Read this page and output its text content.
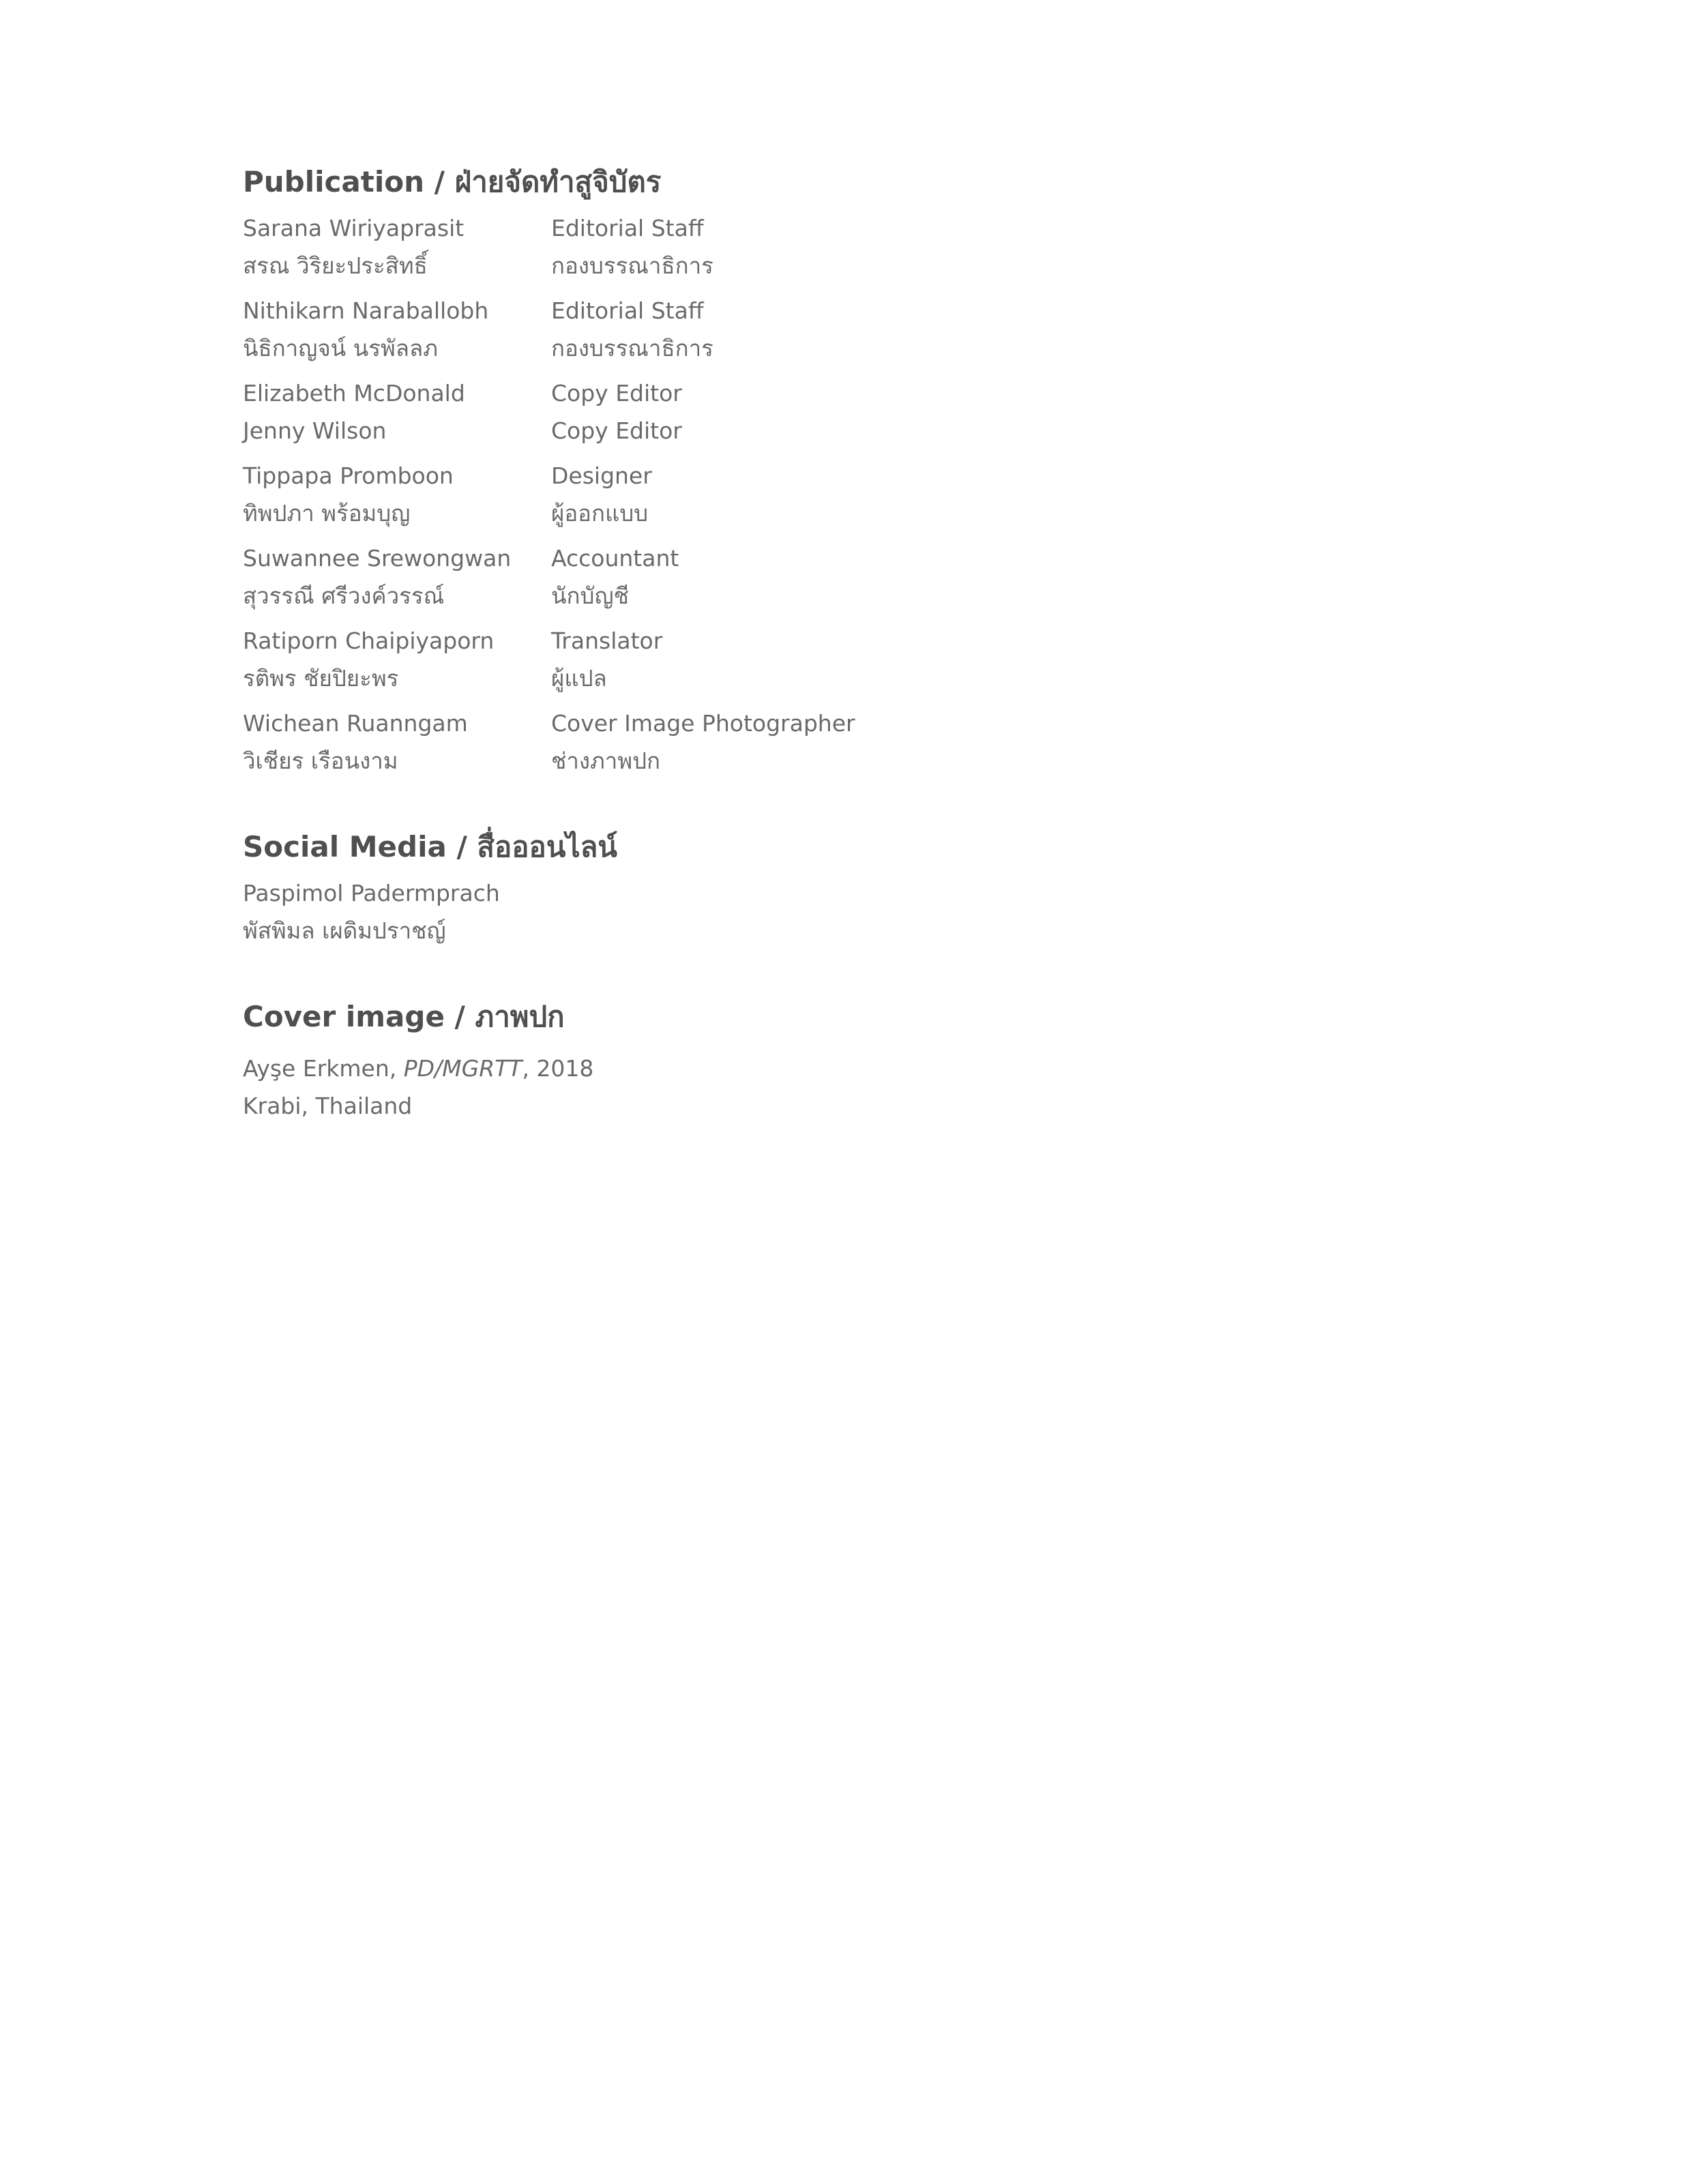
Publication / ฝ่ายจัดทำสูจิบัตร
Sarana Wiriyaprasit	Editorial Staff
สรณ วิริยะประสิทธิ์	กองบรรณาธิการ
Nithikarn Naraballobh	Editorial Staff
นิธิกาญจน์ นรพัลลภ	กองบรรณาธิการ
Elizabeth McDonald	Copy Editor
Jenny Wilson	Copy Editor
Tippapa Promboon	Designer
ทิพปภา พร้อมบุญ	ผู้ออกแบบ
Suwannee Srewongwan	Accountant
สุวรรณี ศรีวงค์วรรณ์	นักบัญชี
Ratiporn Chaipiyaporn	Translator
รติพร ชัยปิยะพร	ผู้แปล
Wichean Ruanngam	Cover Image Photographer
วิเชียร เรือนงาม	ช่างภาพปก
Social Media / สื่อออนไลน์
Paspimol Padermprach
พัสพิมล เผดิมปราชญ์
Cover image / ภาพปก
Ayşe Erkmen, PD/MGRTT, 2018
Krabi, Thailand
